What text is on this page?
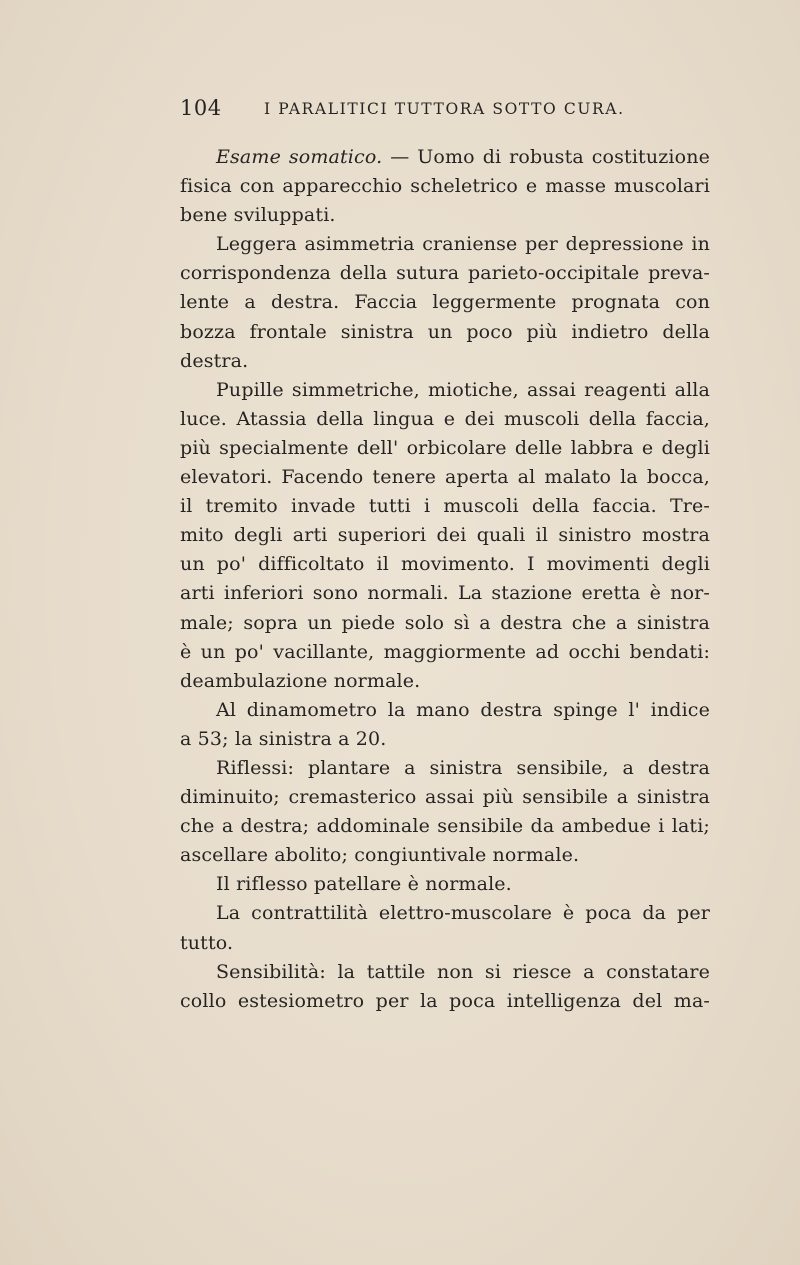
104	I PARALITICI TUTTORA SOTTO CURA.
Esame somatico. — Uomo di robusta costituzione
fisica con apparecchio scheletrico e masse muscolari
bene sviluppati.
Leggera asimmetria craniense per depressione in
corrispondenza della sutura parieto-occipitale preva-
lente a destra. Faccia leggermente prognata con
bozza frontale sinistra un poco più indietro della
destra.
Pupille simmetriche, miotiche, assai reagenti alla
luce. Atassia della lingua e dei muscoli della faccia,
più specialmente dell' orbicolare delle labbra e degli
elevatori. Facendo tenere aperta al malato la bocca,
il tremito invade tutti i muscoli della faccia. Tre-
mito degli arti superiori dei quali il sinistro mostra
un po' difficoltato il movimento. I movimenti degli
arti inferiori sono normali. La stazione eretta è nor-
male; sopra un piede solo sì a destra che a sinistra
è un po' vacillante, maggiormente ad occhi bendati:
deambulazione normale.
Al dinamometro la mano destra spinge l' indice
a 53; la sinistra a 20.
Riflessi: plantare a sinistra sensibile, a destra
diminuito; cremasterico assai più sensibile a sinistra
che a destra; addominale sensibile da ambedue i lati;
ascellare abolito; congiuntivale normale.
Il riflesso patellare è normale.
La contrattilità elettro-muscolare è poca da per
tutto.
Sensibilità: la tattile non si riesce a constatare
collo estesiometro per la poca intelligenza del ma-
